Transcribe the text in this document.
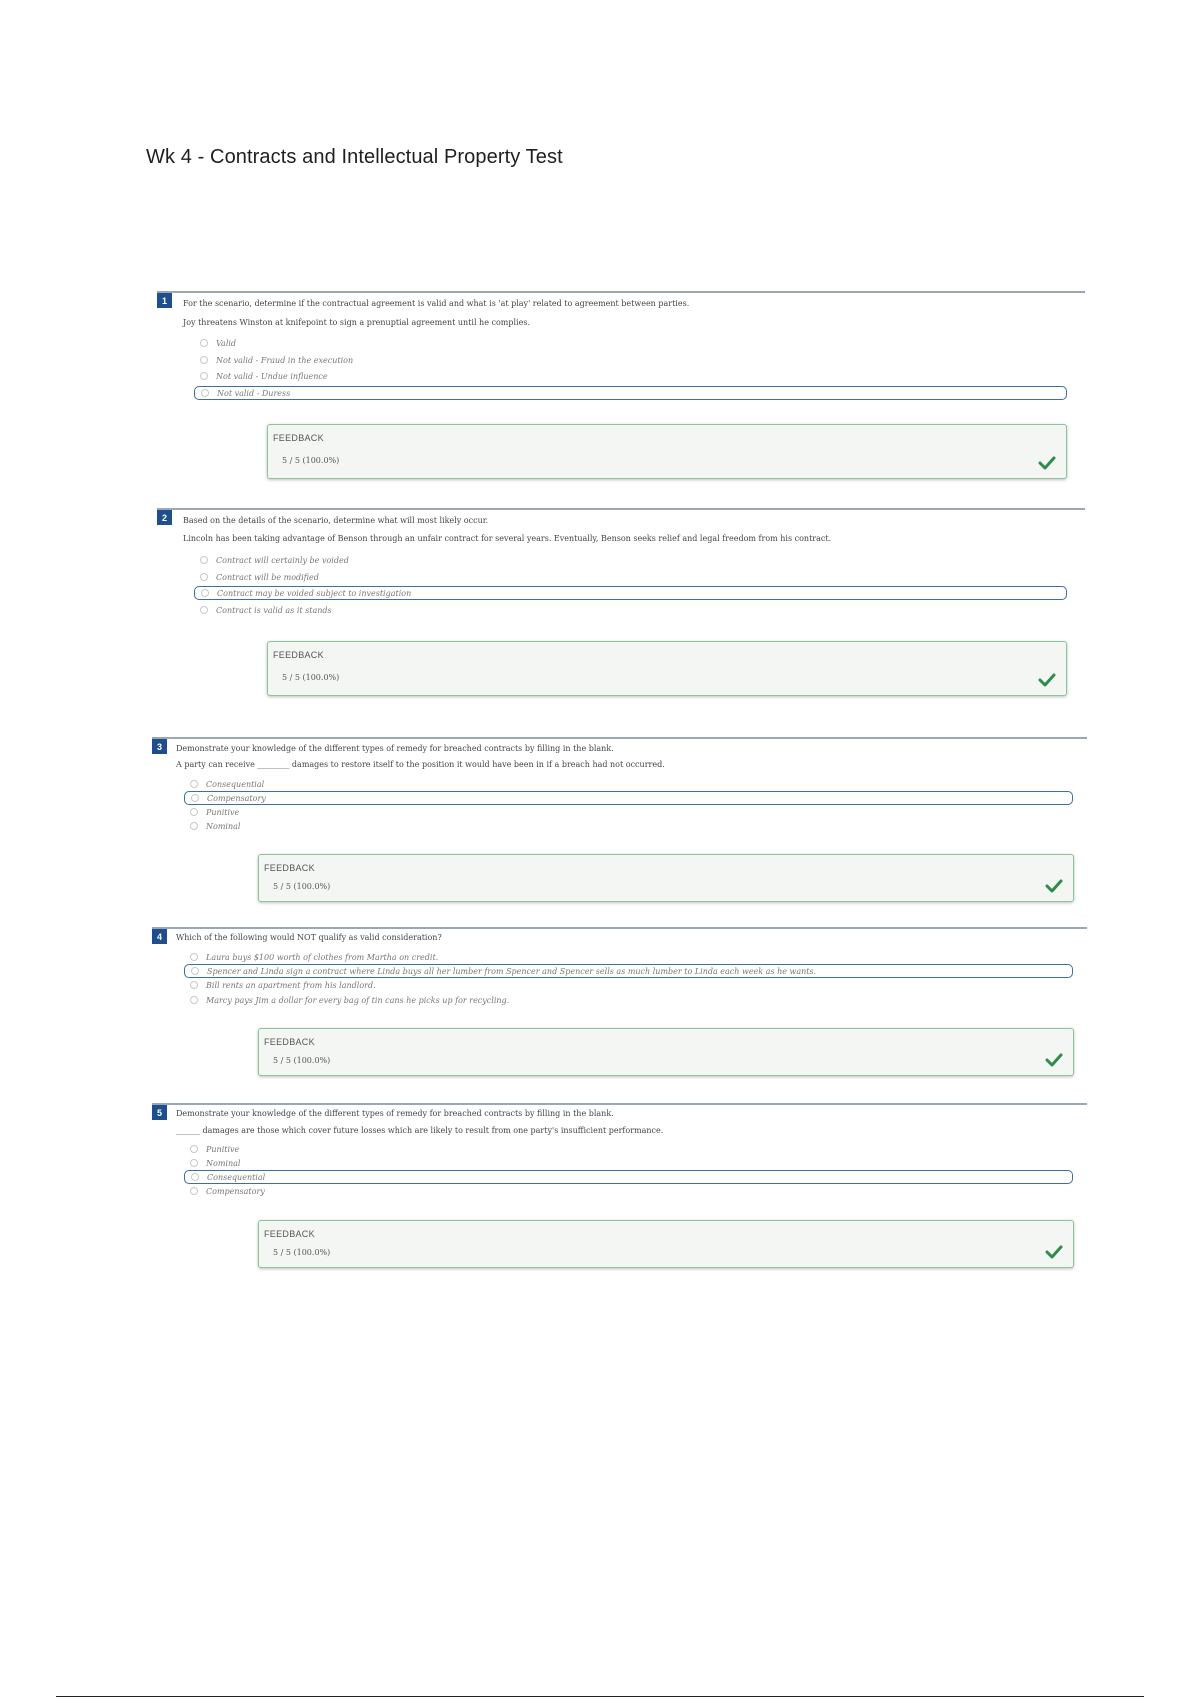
Wk 4 - Contracts and Intellectual Property Test
1	For the scenario, determine if the contractual agreement is valid and what is 'at play' related to agreement between parties.
Joy threatens Winston at knifepoint to sign a prenuptial agreement until he complies.
Valid
Not valid - Fraud in the execution
Not valid - Undue influence
Not valid - Duress
FEEDBACK
5 / 5 (100.0%)
2	Based on the details of the scenario, determine what will most likely occur.
Lincoln has been taking advantage of Benson through an unfair contract for several years. Eventually, Benson seeks relief and legal freedom from his contract.
Contract will certainly be voided
Contract will be modified
Contract may be voided subject to investigation
Contract is valid as it stands
FEEDBACK
5 / 5 (100.0%)
3	Demonstrate your knowledge of the different types of remedy for breached contracts by filling in the blank.
A party can receive ________ damages to restore itself to the position it would have been in if a breach had not occurred.
Consequential
Compensatory
Punitive
Nominal
FEEDBACK
5 / 5 (100.0%)
4	Which of the following would NOT qualify as valid consideration?
Laura buys $100 worth of clothes from Martha on credit.
Spencer and Linda sign a contract where Linda buys all her lumber from Spencer and Spencer sells as much lumber to Linda each week as he wants.
Bill rents an apartment from his landlord.
Marcy pays Jim a dollar for every bag of tin cans he picks up for recycling.
FEEDBACK
5 / 5 (100.0%)
5	Demonstrate your knowledge of the different types of remedy for breached contracts by filling in the blank.
______ damages are those which cover future losses which are likely to result from one party's insufficient performance.
Punitive
Nominal
Consequential
Compensatory
FEEDBACK
5 / 5 (100.0%)
